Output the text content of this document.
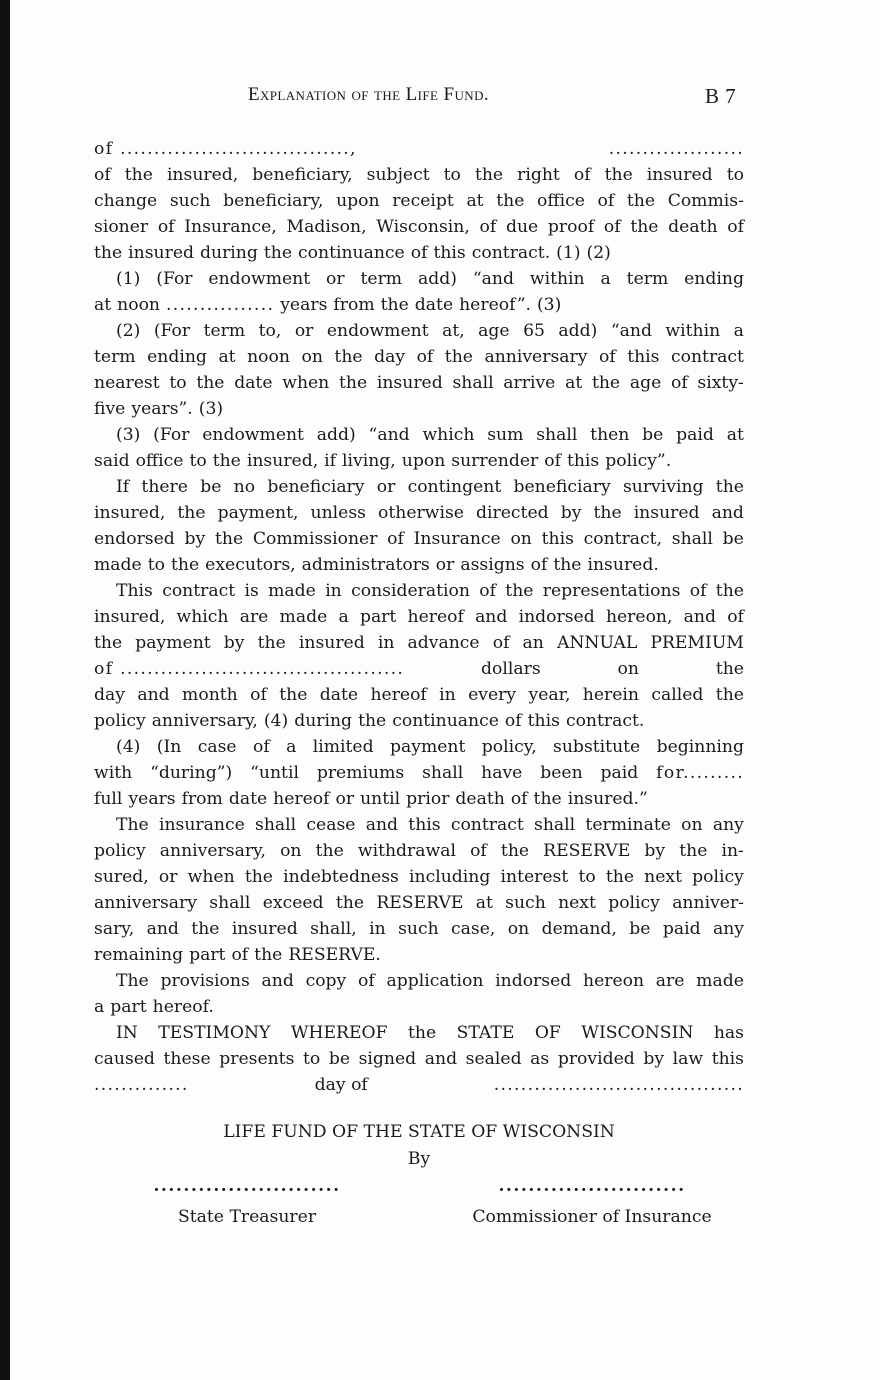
Explanation of the Life Fund.	B 7
of ..................................,	....................
of the insured, beneficiary, subject to the right of the insured to
change such beneficiary, upon receipt at the office of the Commis-
sioner of Insurance, Madison, Wisconsin, of due proof of the death of
the insured during the continuance of this contract. (1) (2)
(1) (For endowment or term add) “and within a term ending
at noon ................ years from the date hereof”. (3)
(2) (For term to, or endowment at, age 65 add) “and within a
term ending at noon on the day of the anniversary of this contract
nearest to the date when the insured shall arrive at the age of sixty-
five years”. (3)
(3) (For endowment add) “and which sum shall then be paid at
said office to the insured, if living, upon surrender of this policy”.
If there be no beneficiary or contingent beneficiary surviving the
insured, the payment, unless otherwise directed by the insured and
endorsed by the Commissioner of Insurance on this contract, shall be
made to the executors, administrators or assigns of the insured.
This contract is made in consideration of the representations of the
insured, which are made a part hereof and indorsed hereon, and of
the payment by the insured in advance of an ANNUAL PREMIUM
of ..........................................	dollars	on	the
day and month of the date hereof in every year, herein called the
policy anniversary, (4) during the continuance of this contract.
(4) (In case of a limited payment policy, substitute beginning
with “during”) “until premiums shall have been paid for.........
full years from date hereof or until prior death of the insured.”
The insurance shall cease and this contract shall terminate on any
policy anniversary, on the withdrawal of the RESERVE by the in-
sured, or when the indebtedness including interest to the next policy
anniversary shall exceed the RESERVE at such next policy anniver-
sary, and the insured shall, in such case, on demand, be paid any
remaining part of the RESERVE.
The provisions and copy of application indorsed hereon are made
a part hereof.
IN TESTIMONY WHEREOF the STATE OF WISCONSIN has
caused these presents to be signed and sealed as provided by law this
..............	day of	.....................................
LIFE FUND OF THE STATE OF WISCONSIN
By
.........................
State Treasurer
.........................
Commissioner of Insurance
